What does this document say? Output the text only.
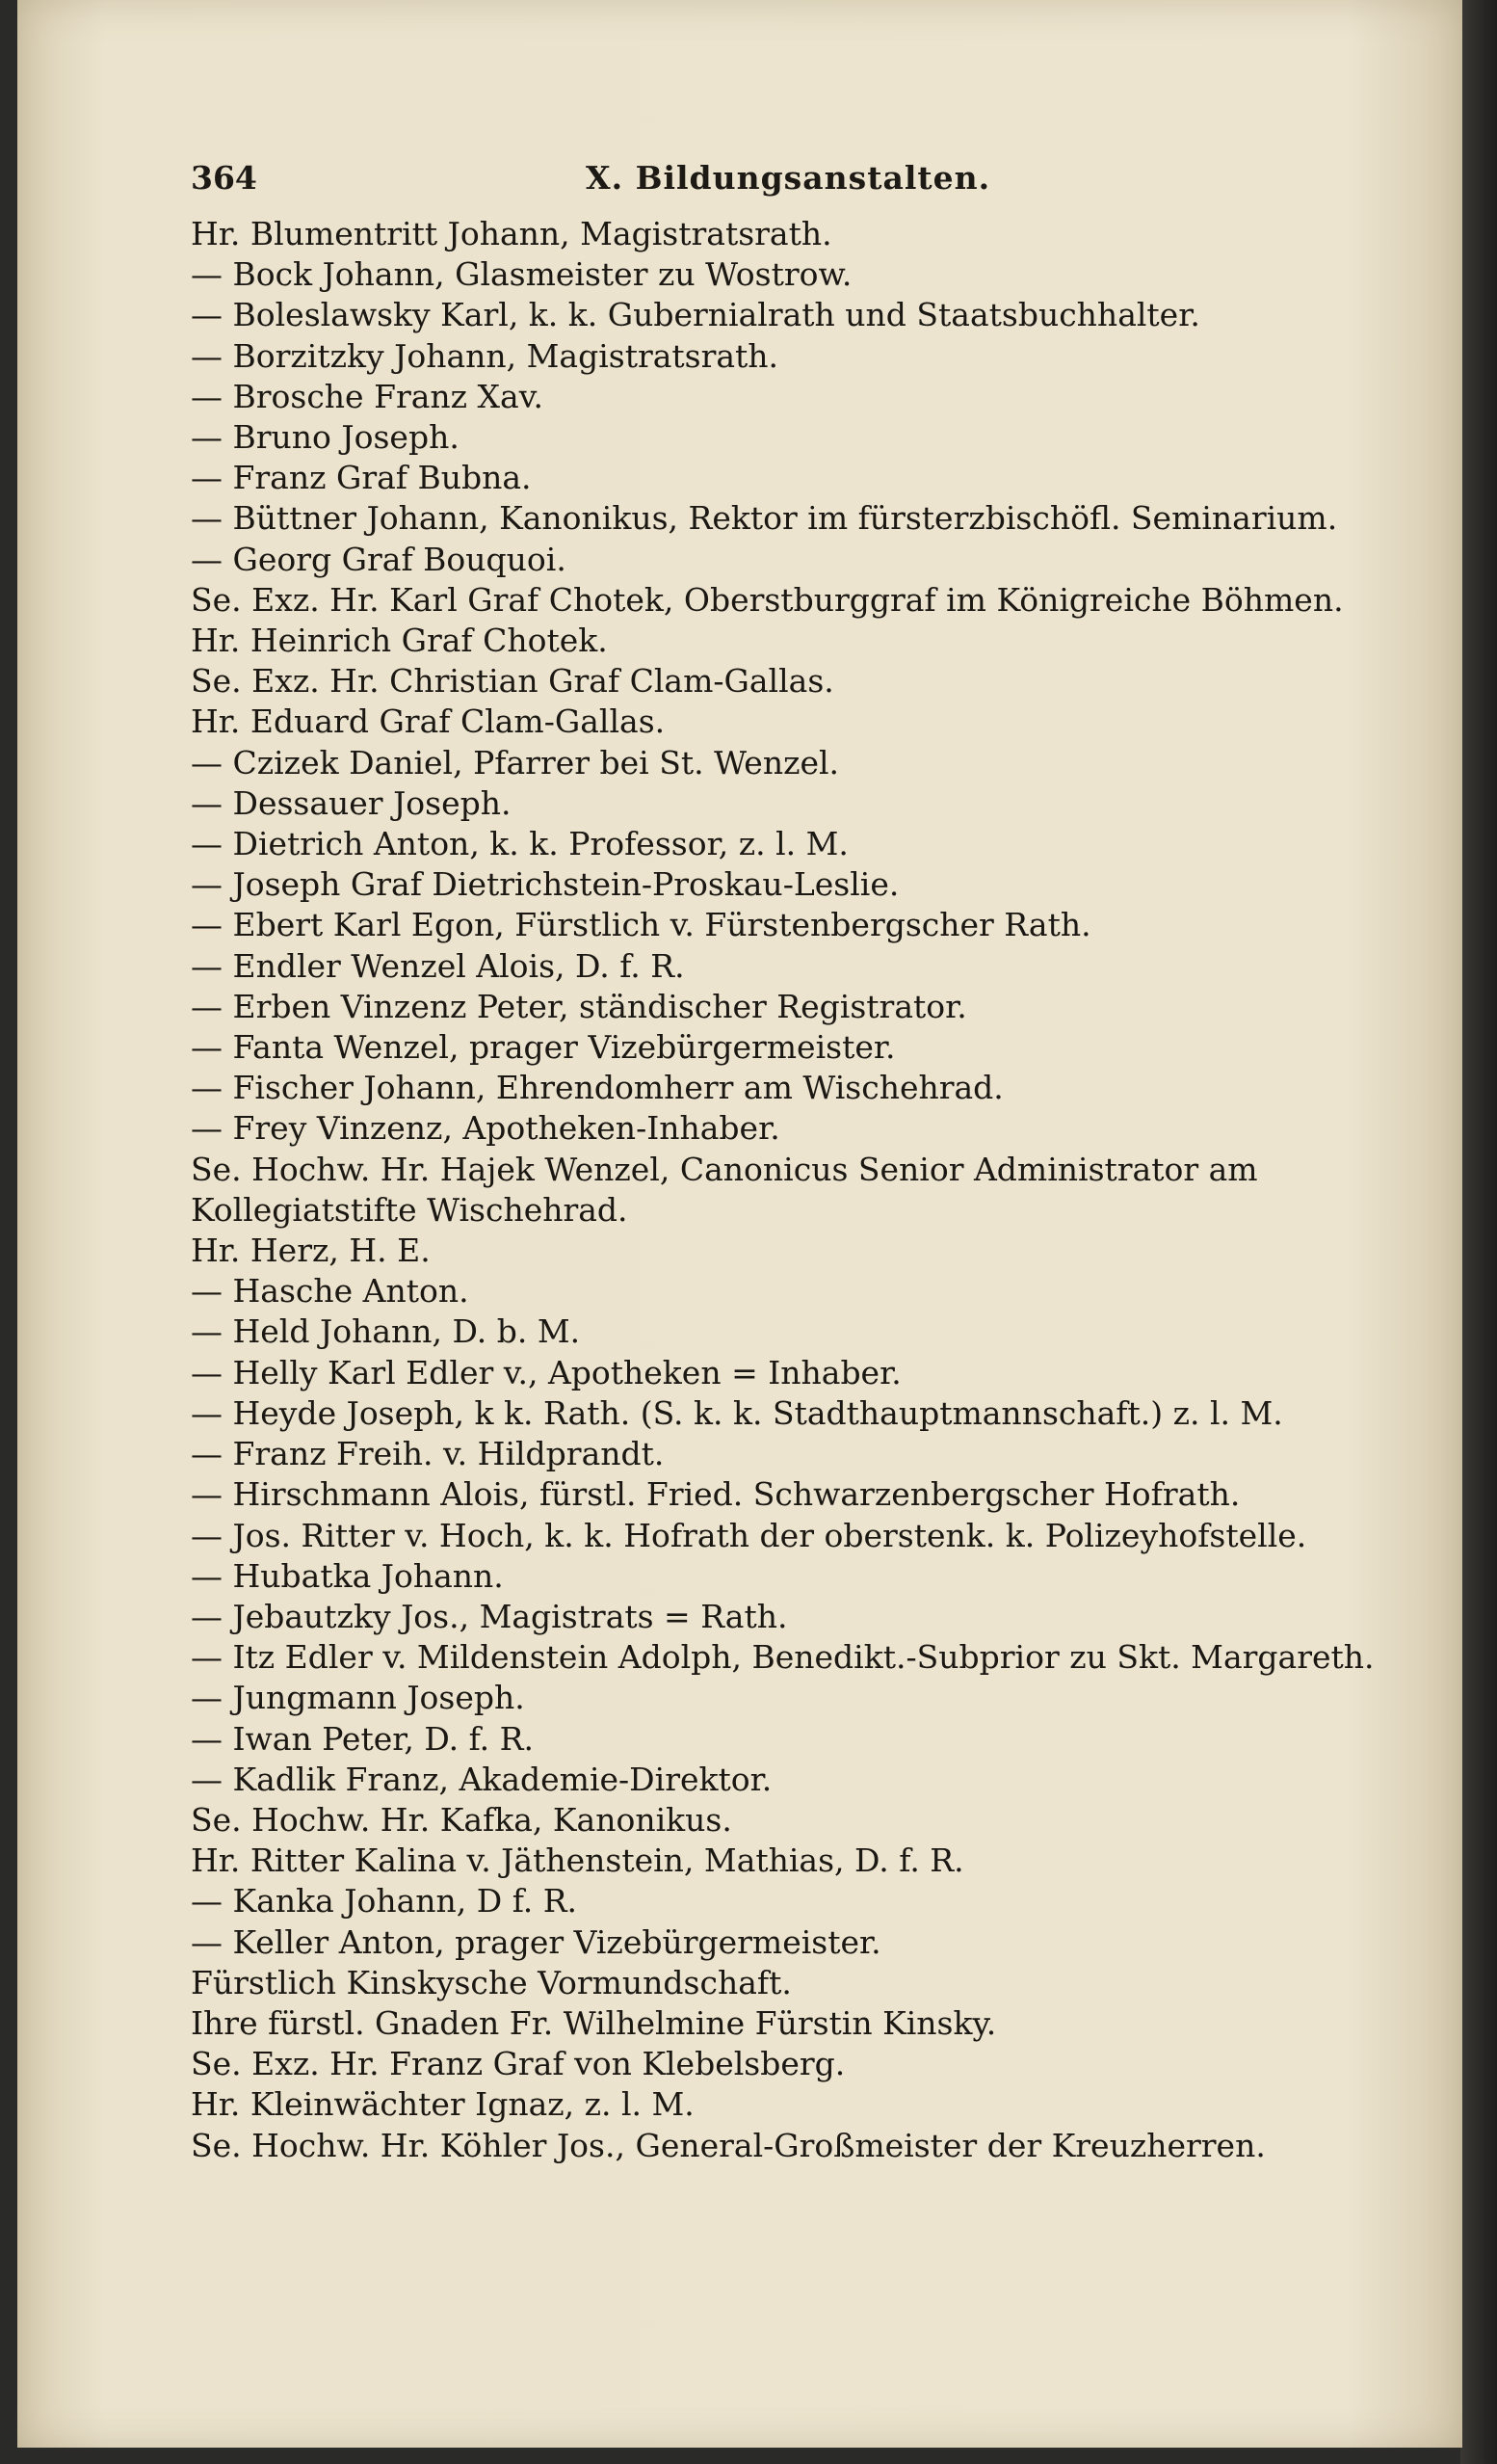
364	X. Bildungsanstalten.
Hr. Blumentritt Johann, Magistratsrath.
— Bock Johann, Glasmeister zu Wostrow.
— Boleslawsky Karl, k. k. Gubernialrath und Staatsbuchhalter.
— Borzitzky Johann, Magistratsrath.
— Brosche Franz Xav.
— Bruno Joseph.
— Franz Graf Bubna.
— Büttner Johann, Kanonikus, Rektor im fürsterzbischöfl. Seminarium.
— Georg Graf Bouquoi.
Se. Exz. Hr. Karl Graf Chotek, Oberstburggraf im Königreiche Böhmen.
Hr. Heinrich Graf Chotek.
Se. Exz. Hr. Christian Graf Clam-Gallas.
Hr. Eduard Graf Clam-Gallas.
— Czizek Daniel, Pfarrer bei St. Wenzel.
— Dessauer Joseph.
— Dietrich Anton, k. k. Professor, z. l. M.
— Joseph Graf Dietrichstein-Proskau-Leslie.
— Ebert Karl Egon, Fürstlich v. Fürstenbergscher Rath.
— Endler Wenzel Alois, D. f. R.
— Erben Vinzenz Peter, ständischer Registrator.
— Fanta Wenzel, prager Vizebürgermeister.
— Fischer Johann, Ehrendomherr am Wischehrad.
— Frey Vinzenz, Apotheken-Inhaber.
Se. Hochw. Hr. Hajek Wenzel, Canonicus Senior Administrator am
Kollegiatstifte Wischehrad.
Hr. Herz, H. E.
— Hasche Anton.
— Held Johann, D. b. M.
— Helly Karl Edler v., Apotheken = Inhaber.
— Heyde Joseph, k k. Rath. (S. k. k. Stadthauptmannschaft.) z. l. M.
— Franz Freih. v. Hildprandt.
— Hirschmann Alois, fürstl. Fried. Schwarzenbergscher Hofrath.
— Jos. Ritter v. Hoch, k. k. Hofrath der oberstenk. k. Polizeyhofstelle.
— Hubatka Johann.
— Jebautzky Jos., Magistrats = Rath.
— Itz Edler v. Mildenstein Adolph, Benedikt.-Subprior zu Skt. Margareth.
— Jungmann Joseph.
— Iwan Peter, D. f. R.
— Kadlik Franz, Akademie-Direktor.
Se. Hochw. Hr. Kafka, Kanonikus.
Hr. Ritter Kalina v. Jäthenstein, Mathias, D. f. R.
— Kanka Johann, D f. R.
— Keller Anton, prager Vizebürgermeister.
Fürstlich Kinskysche Vormundschaft.
Ihre fürstl. Gnaden Fr. Wilhelmine Fürstin Kinsky.
Se. Exz. Hr. Franz Graf von Klebelsberg.
Hr. Kleinwächter Ignaz, z. l. M.
Se. Hochw. Hr. Köhler Jos., General-Großmeister der Kreuzherren.
